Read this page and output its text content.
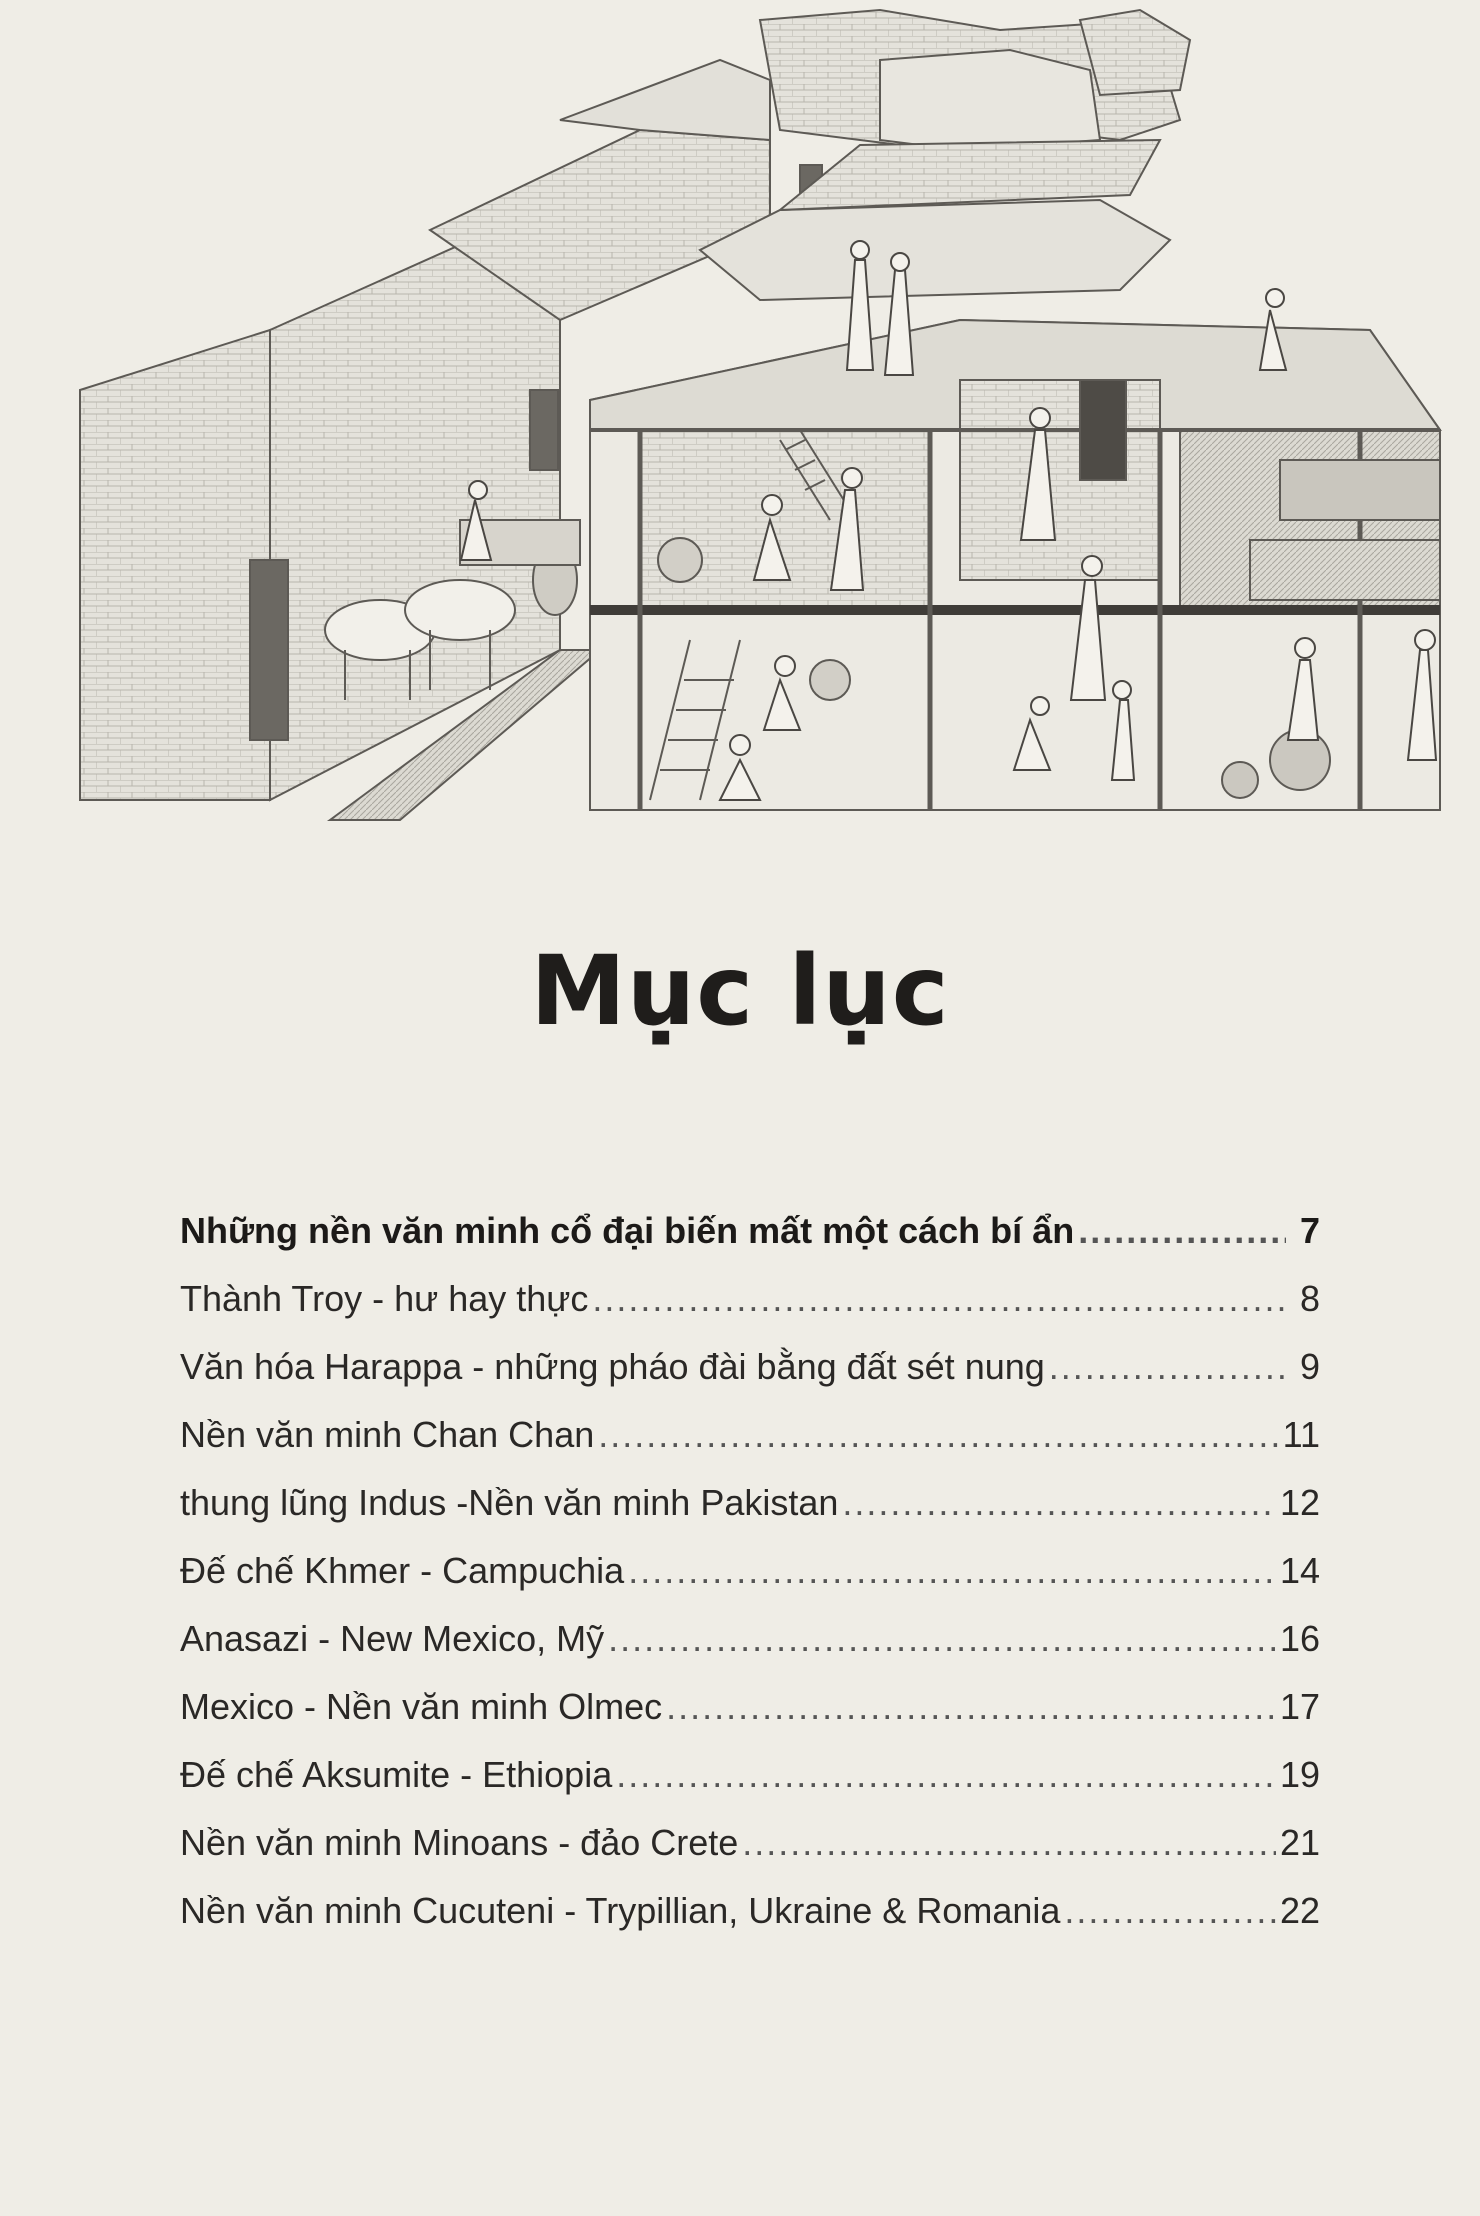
Mục lục
Những nền văn minh cổ đại biến mất một cách bí ẩn .....	7
Thành Troy - hư hay thực .....	8
Văn hóa Harappa - những pháo đài bằng đất sét nung .....	9
Nền văn minh Chan Chan .....	11
thung lũng Indus -Nền văn minh Pakistan .....	12
Đế chế Khmer - Campuchia .....	14
Anasazi - New Mexico, Mỹ .....	16
Mexico - Nền văn minh Olmec .....	17
Đế chế Aksumite - Ethiopia .....	19
Nền văn minh Minoans - đảo Crete .....	21
Nền văn minh Cucuteni - Trypillian, Ukraine & Romania .....	22
